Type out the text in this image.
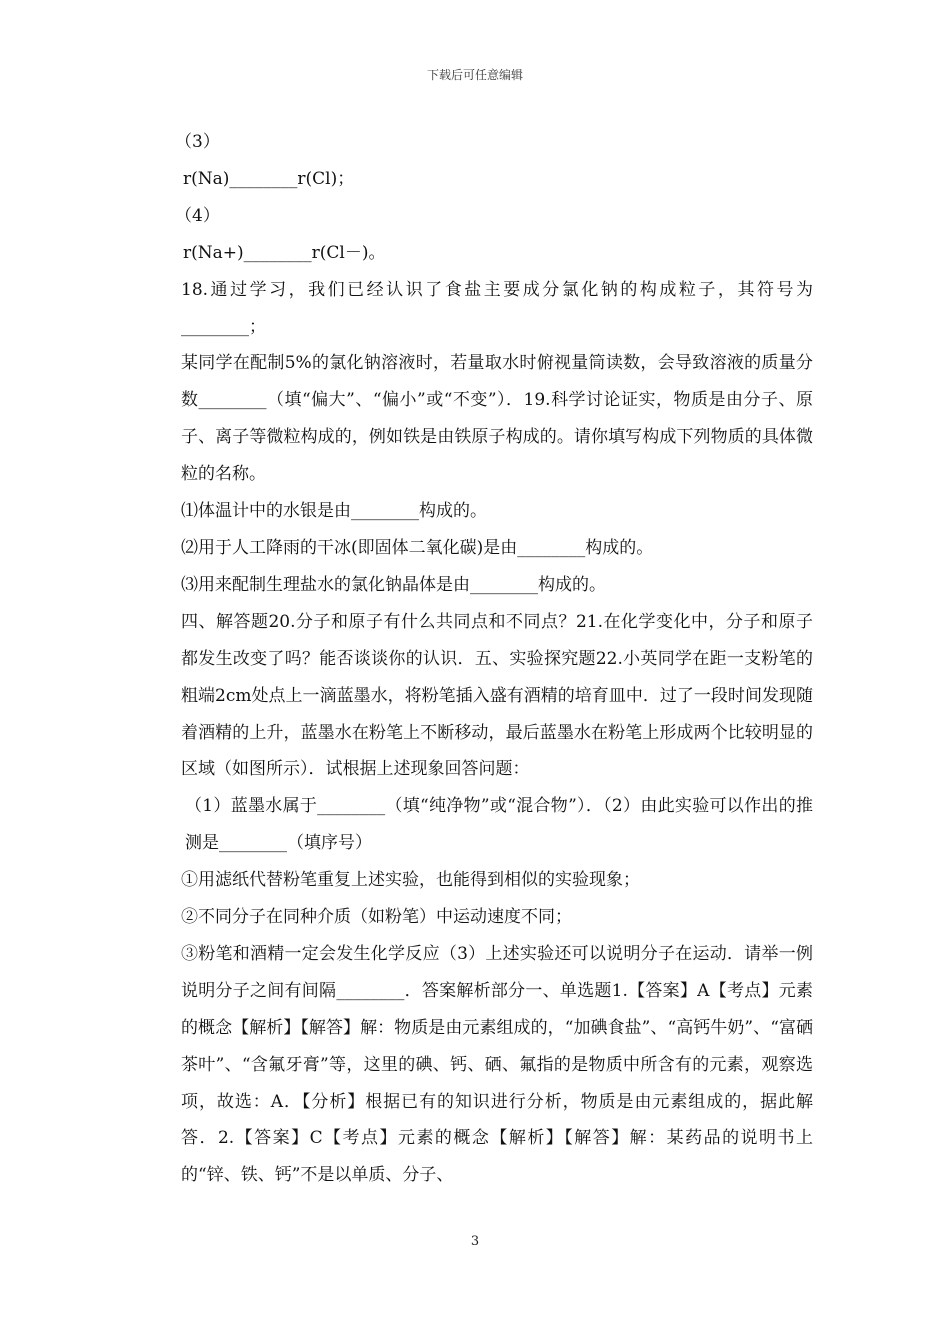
下载后可任意编辑

（3）

r(Na)________r(Cl)；

（4）

r(Na+)________r(Cl－)。

18.通过学习，我们已经认识了食盐主要成分氯化钠的构成粒子，其符号为________；

某同学在配制5%的氯化钠溶液时，若量取水时俯视量筒读数，会导致溶液的质量分数________（填“偏大”、“偏小”或“不变”）．19.科学讨论证实，物质是由分子、原子、离子等微粒构成的，例如铁是由铁原子构成的。请你填写构成下列物质的具体微粒的名称。

⑴体温计中的水银是由________构成的。

⑵用于人工降雨的干冰(即固体二氧化碳)是由________构成的。

⑶用来配制生理盐水的氯化钠晶体是由________构成的。

四、解答题20.分子和原子有什么共同点和不同点？21.在化学变化中，分子和原子都发生改变了吗？能否谈谈你的认识．五、实验探究题22.小英同学在距一支粉笔的粗端2cm处点上一滴蓝墨水，将粉笔插入盛有酒精的培育皿中．过了一段时间发现随着酒精的上升，蓝墨水在粉笔上不断移动，最后蓝墨水在粉笔上形成两个比较明显的区域（如图所示）．试根据上述现象回答问题：

（1）蓝墨水属于________（填“纯净物”或“混合物”）．（2）由此实验可以作出的推测是________（填序号）

①用滤纸代替粉笔重复上述实验，也能得到相似的实验现象；

②不同分子在同种介质（如粉笔）中运动速度不同；

③粉笔和酒精一定会发生化学反应（3）上述实验还可以说明分子在运动．请举一例说明分子之间有间隔________．答案解析部分一、单选题1.【答案】A【考点】元素的概念【解析】【解答】解：物质是由元素组成的，“加碘食盐”、“高钙牛奶”、“富硒茶叶”、“含氟牙膏”等，这里的碘、钙、硒、氟指的是物质中所含有的元素，观察选项，故选：A．【分析】根据已有的知识进行分析，物质是由元素组成的，据此解答．2.【答案】C【考点】元素的概念【解析】【解答】解：某药品的说明书上的“锌、铁、钙”不是以单质、分子、

3
